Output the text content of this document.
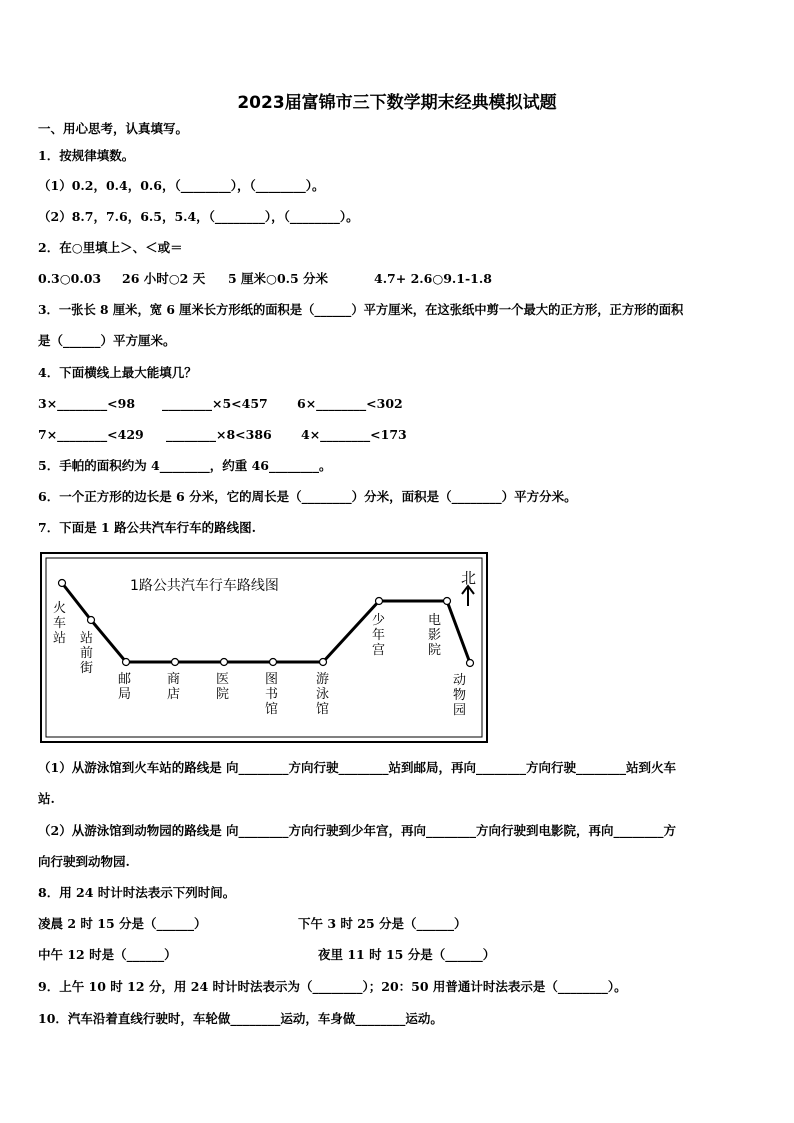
2023届富锦市三下数学期末经典模拟试题
一、用心思考，认真填写。
1．按规律填数。
（1）0.2，0.4，0.6，（________），（________）。
（2）8.7，7.6，6.5，5.4，（________），（________）。
2．在○里填上＞、＜或＝
0.3○0.03 26 小时○2 天 5 厘米○0.5 分米	4.7+ 2.6○9.1-1.8
3．一张长 8 厘米，宽 6 厘米长方形纸的面积是（______）平方厘米，在这张纸中剪一个最大的正方形，正方形的面积
是（______）平方厘米。
4．下面横线上最大能填几？
3×________<98 ________×5<457 6×________<302
7×________<429 ________×8<386 4×________<173
5．手帕的面积约为 4________，约重 46________。
6．一个正方形的边长是 6 分米，它的周长是（________）分米，面积是（________）平方分米。
7．下面是 1 路公共汽车行车的路线图.
1路公共汽车行车路线图	北
火车站 站前街
邮局
商店
医院
图书馆
游泳馆
少年宫
电影院
动物园
（1）从游泳馆到火车站的路线是 向________方向行驶________站到邮局，再向________方向行驶________站到火车
站.
（2）从游泳馆到动物园的路线是 向________方向行驶到少年宫，再向________方向行驶到电影院，再向________方
向行驶到动物园.
8．用 24 时计时法表示下列时间。
凌晨 2 时 15 分是（______）	下午 3 时 25 分是（______）
中午 12 时是（______）	夜里 11 时 15 分是（______）
9．上午 10 时 12 分，用 24 时计时法表示为（________）；20：50 用普通计时法表示是（________）。
10．汽车沿着直线行驶时，车轮做________运动，车身做________运动。
